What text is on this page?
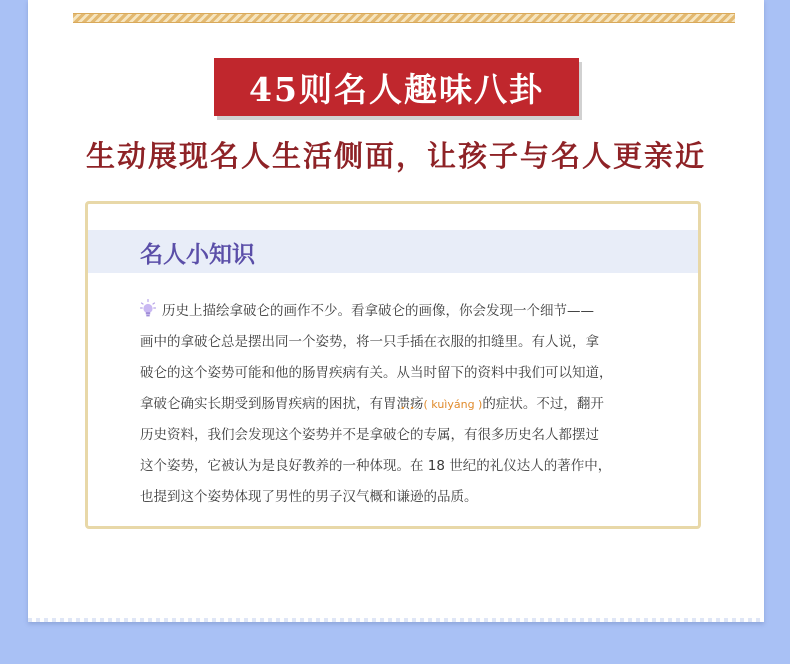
45则名人趣味八卦
生动展现名人生活侧面，让孩子与名人更亲近
名人小知识
历史上描绘拿破仑的画作不少。看拿破仑的画像，你会发现一个细节——
画中的拿破仑总是摆出同一个姿势，将一只手插在衣服的扣缝里。有人说，拿
破仑的这个姿势可能和他的肠胃疾病有关。从当时留下的资料中我们可以知道，
拿破仑确实长期受到肠胃疾病的困扰，有胃溃疡 • •( kuìyáng )的症状。不过，翻开
历史资料，我们会发现这个姿势并不是拿破仑的专属，有很多历史名人都摆过
这个姿势，它被认为是良好教养的一种体现。在 18 世纪的礼仪达人的著作中，
也提到这个姿势体现了男性的男子汉气概和谦逊的品质。
